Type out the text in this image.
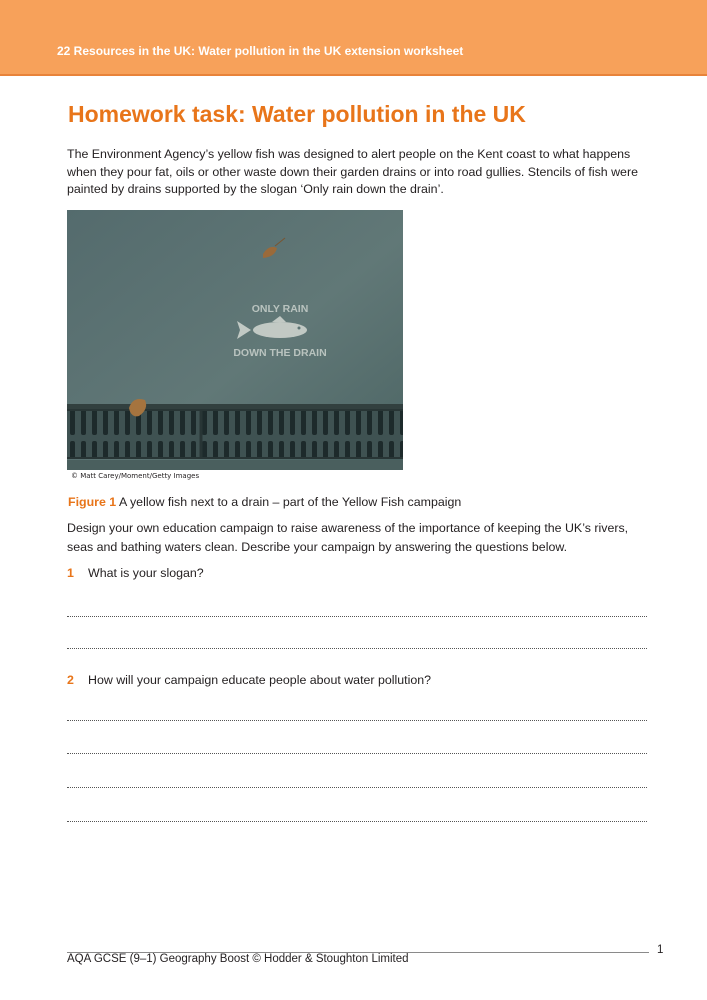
22 Resources in the UK: Water pollution in the UK extension worksheet
Homework task: Water pollution in the UK

The Environment Agency’s yellow fish was designed to alert people on the Kent coast to what happens when they pour fat, oils or other waste down their garden drains or into road gullies. Stencils of fish were painted by drains supported by the slogan ‘Only rain down the drain’.

ONLY RAIN
DOWN THE DRAIN
© Matt Carey/Moment/Getty Images

Figure 1 A yellow fish next to a drain – part of the Yellow Fish campaign

Design your own education campaign to raise awareness of the importance of keeping the UK’s rivers, seas and bathing waters clean. Describe your campaign by answering the questions below.

1 What is your slogan?
2 How will your campaign educate people about water pollution?
AQA GCSE (9–1) Geography Boost © Hodder & Stoughton Limited
1
